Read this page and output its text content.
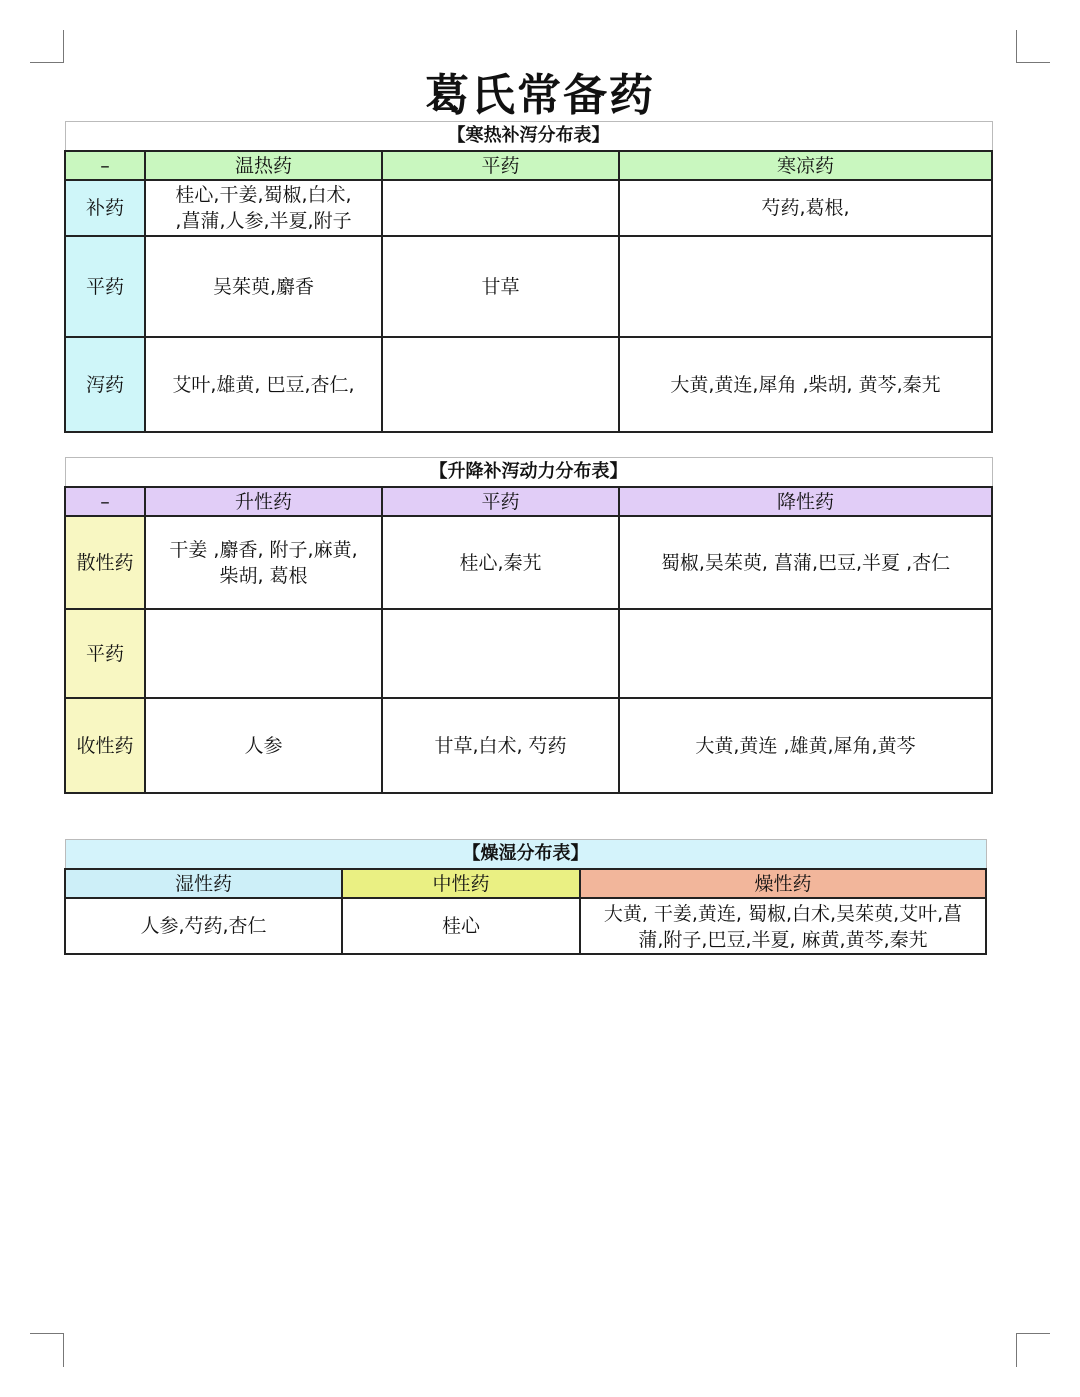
葛氏常备药
【寒热补泻分布表】			
–	温热药	平药	寒凉药
补药	桂心,干姜,蜀椒,白术,
,菖蒲,人参,半夏,附子		芍药,葛根,
平药	吴茱萸,麝香	甘草	
泻药	艾叶,雄黄, 巴豆,杏仁,		大黄,黄连,犀角 ,柴胡, 黄芩,秦艽
【升降补泻动力分布表】			
–	升性药	平药	降性药
散性药	干姜 ,麝香, 附子,麻黄,
柴胡, 葛根	桂心,秦艽	蜀椒,吴茱萸, 菖蒲,巴豆,半夏 ,杏仁
平药			
收性药	人参	甘草,白术, 芍药	大黄,黄连 ,雄黄,犀角,黄芩
【燥湿分布表】		
湿性药	中性药	燥性药
人参,芍药,杏仁	桂心	大黄, 干姜,黄连, 蜀椒,白术,吴茱萸,艾叶,菖
蒲,附子,巴豆,半夏, 麻黄,黄芩,秦艽
